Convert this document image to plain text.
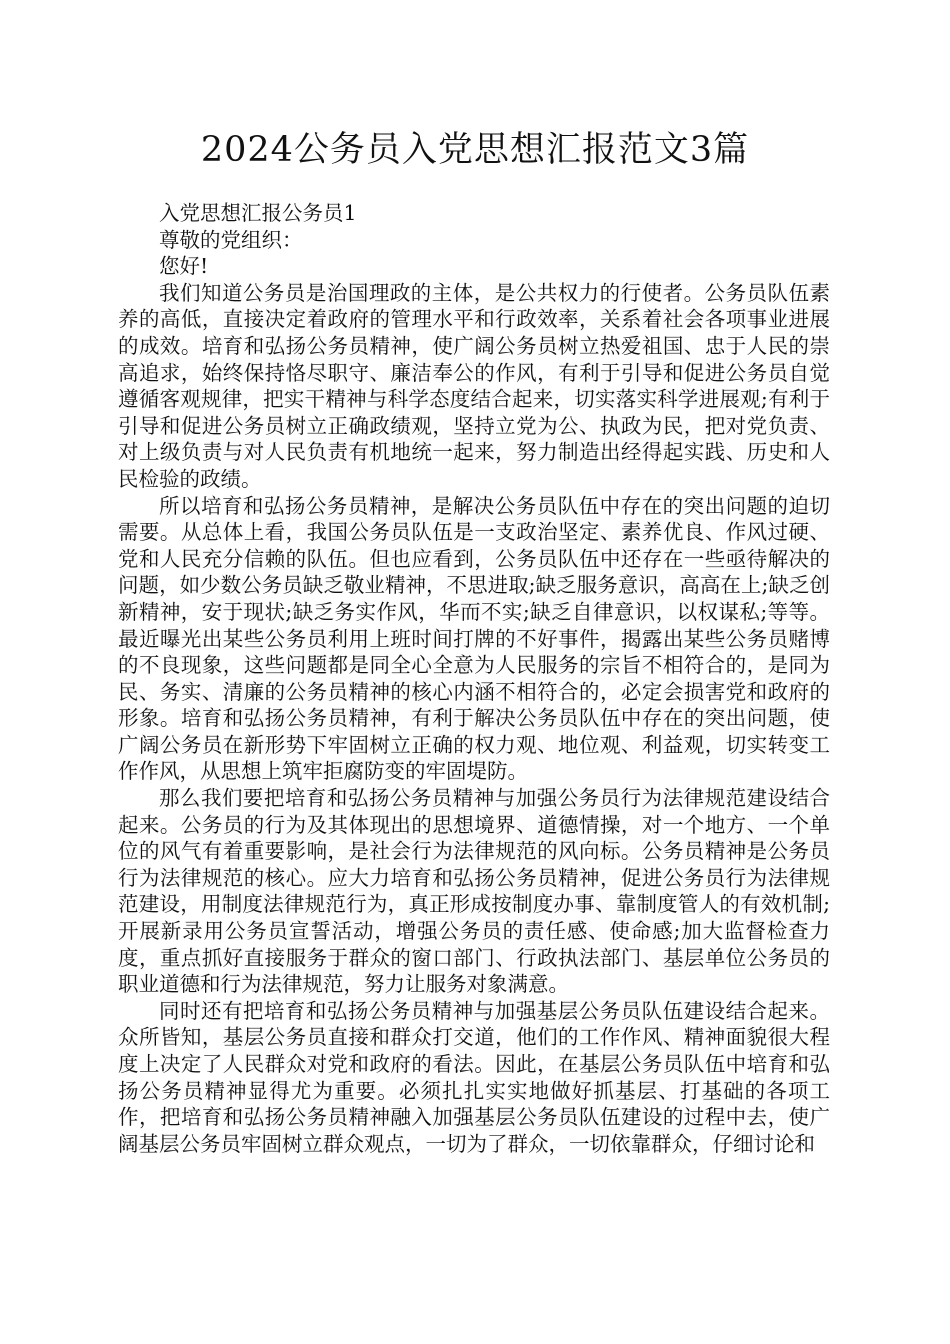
2024公务员入党思想汇报范文3篇

入党思想汇报公务员1

尊敬的党组织：

您好!

我们知道公务员是治国理政的主体，是公共权力的行使者。公务员队伍素养的高低，直接决定着政府的管理水平和行政效率，关系着社会各项事业进展的成效。培育和弘扬公务员精神，使广阔公务员树立热爱祖国、忠于人民的崇高追求，始终保持恪尽职守、廉洁奉公的作风，有利于引导和促进公务员自觉遵循客观规律，把实干精神与科学态度结合起来，切实落实科学进展观;有利于引导和促进公务员树立正确政绩观，坚持立党为公、执政为民，把对党负责、对上级负责与对人民负责有机地统一起来，努力制造出经得起实践、历史和人民检验的政绩。

所以培育和弘扬公务员精神，是解决公务员队伍中存在的突出问题的迫切需要。从总体上看，我国公务员队伍是一支政治坚定、素养优良、作风过硬、党和人民充分信赖的队伍。但也应看到，公务员队伍中还存在一些亟待解决的问题，如少数公务员缺乏敬业精神，不思进取;缺乏服务意识，高高在上;缺乏创新精神，安于现状;缺乏务实作风，华而不实;缺乏自律意识，以权谋私;等等。最近曝光出某些公务员利用上班时间打牌的不好事件，揭露出某些公务员赌博的不良现象，这些问题都是同全心全意为人民服务的宗旨不相符合的，是同为民、务实、清廉的公务员精神的核心内涵不相符合的，必定会损害党和政府的形象。培育和弘扬公务员精神，有利于解决公务员队伍中存在的突出问题，使广阔公务员在新形势下牢固树立正确的权力观、地位观、利益观，切实转变工作作风，从思想上筑牢拒腐防变的牢固堤防。

那么我们要把培育和弘扬公务员精神与加强公务员行为法律规范建设结合起来。公务员的行为及其体现出的思想境界、道德情操，对一个地方、一个单位的风气有着重要影响，是社会行为法律规范的风向标。公务员精神是公务员行为法律规范的核心。应大力培育和弘扬公务员精神，促进公务员行为法律规范建设，用制度法律规范行为，真正形成按制度办事、靠制度管人的有效机制;开展新录用公务员宣誓活动，增强公务员的责任感、使命感;加大监督检查力度，重点抓好直接服务于群众的窗口部门、行政执法部门、基层单位公务员的职业道德和行为法律规范，努力让服务对象满意。

同时还有把培育和弘扬公务员精神与加强基层公务员队伍建设结合起来。众所皆知，基层公务员直接和群众打交道，他们的工作作风、精神面貌很大程度上决定了人民群众对党和政府的看法。因此，在基层公务员队伍中培育和弘扬公务员精神显得尤为重要。必须扎扎实实地做好抓基层、打基础的各项工作，把培育和弘扬公务员精神融入加强基层公务员队伍建设的过程中去，使广阔基层公务员牢固树立群众观点，一切为了群众，一切依靠群众，仔细讨论和
